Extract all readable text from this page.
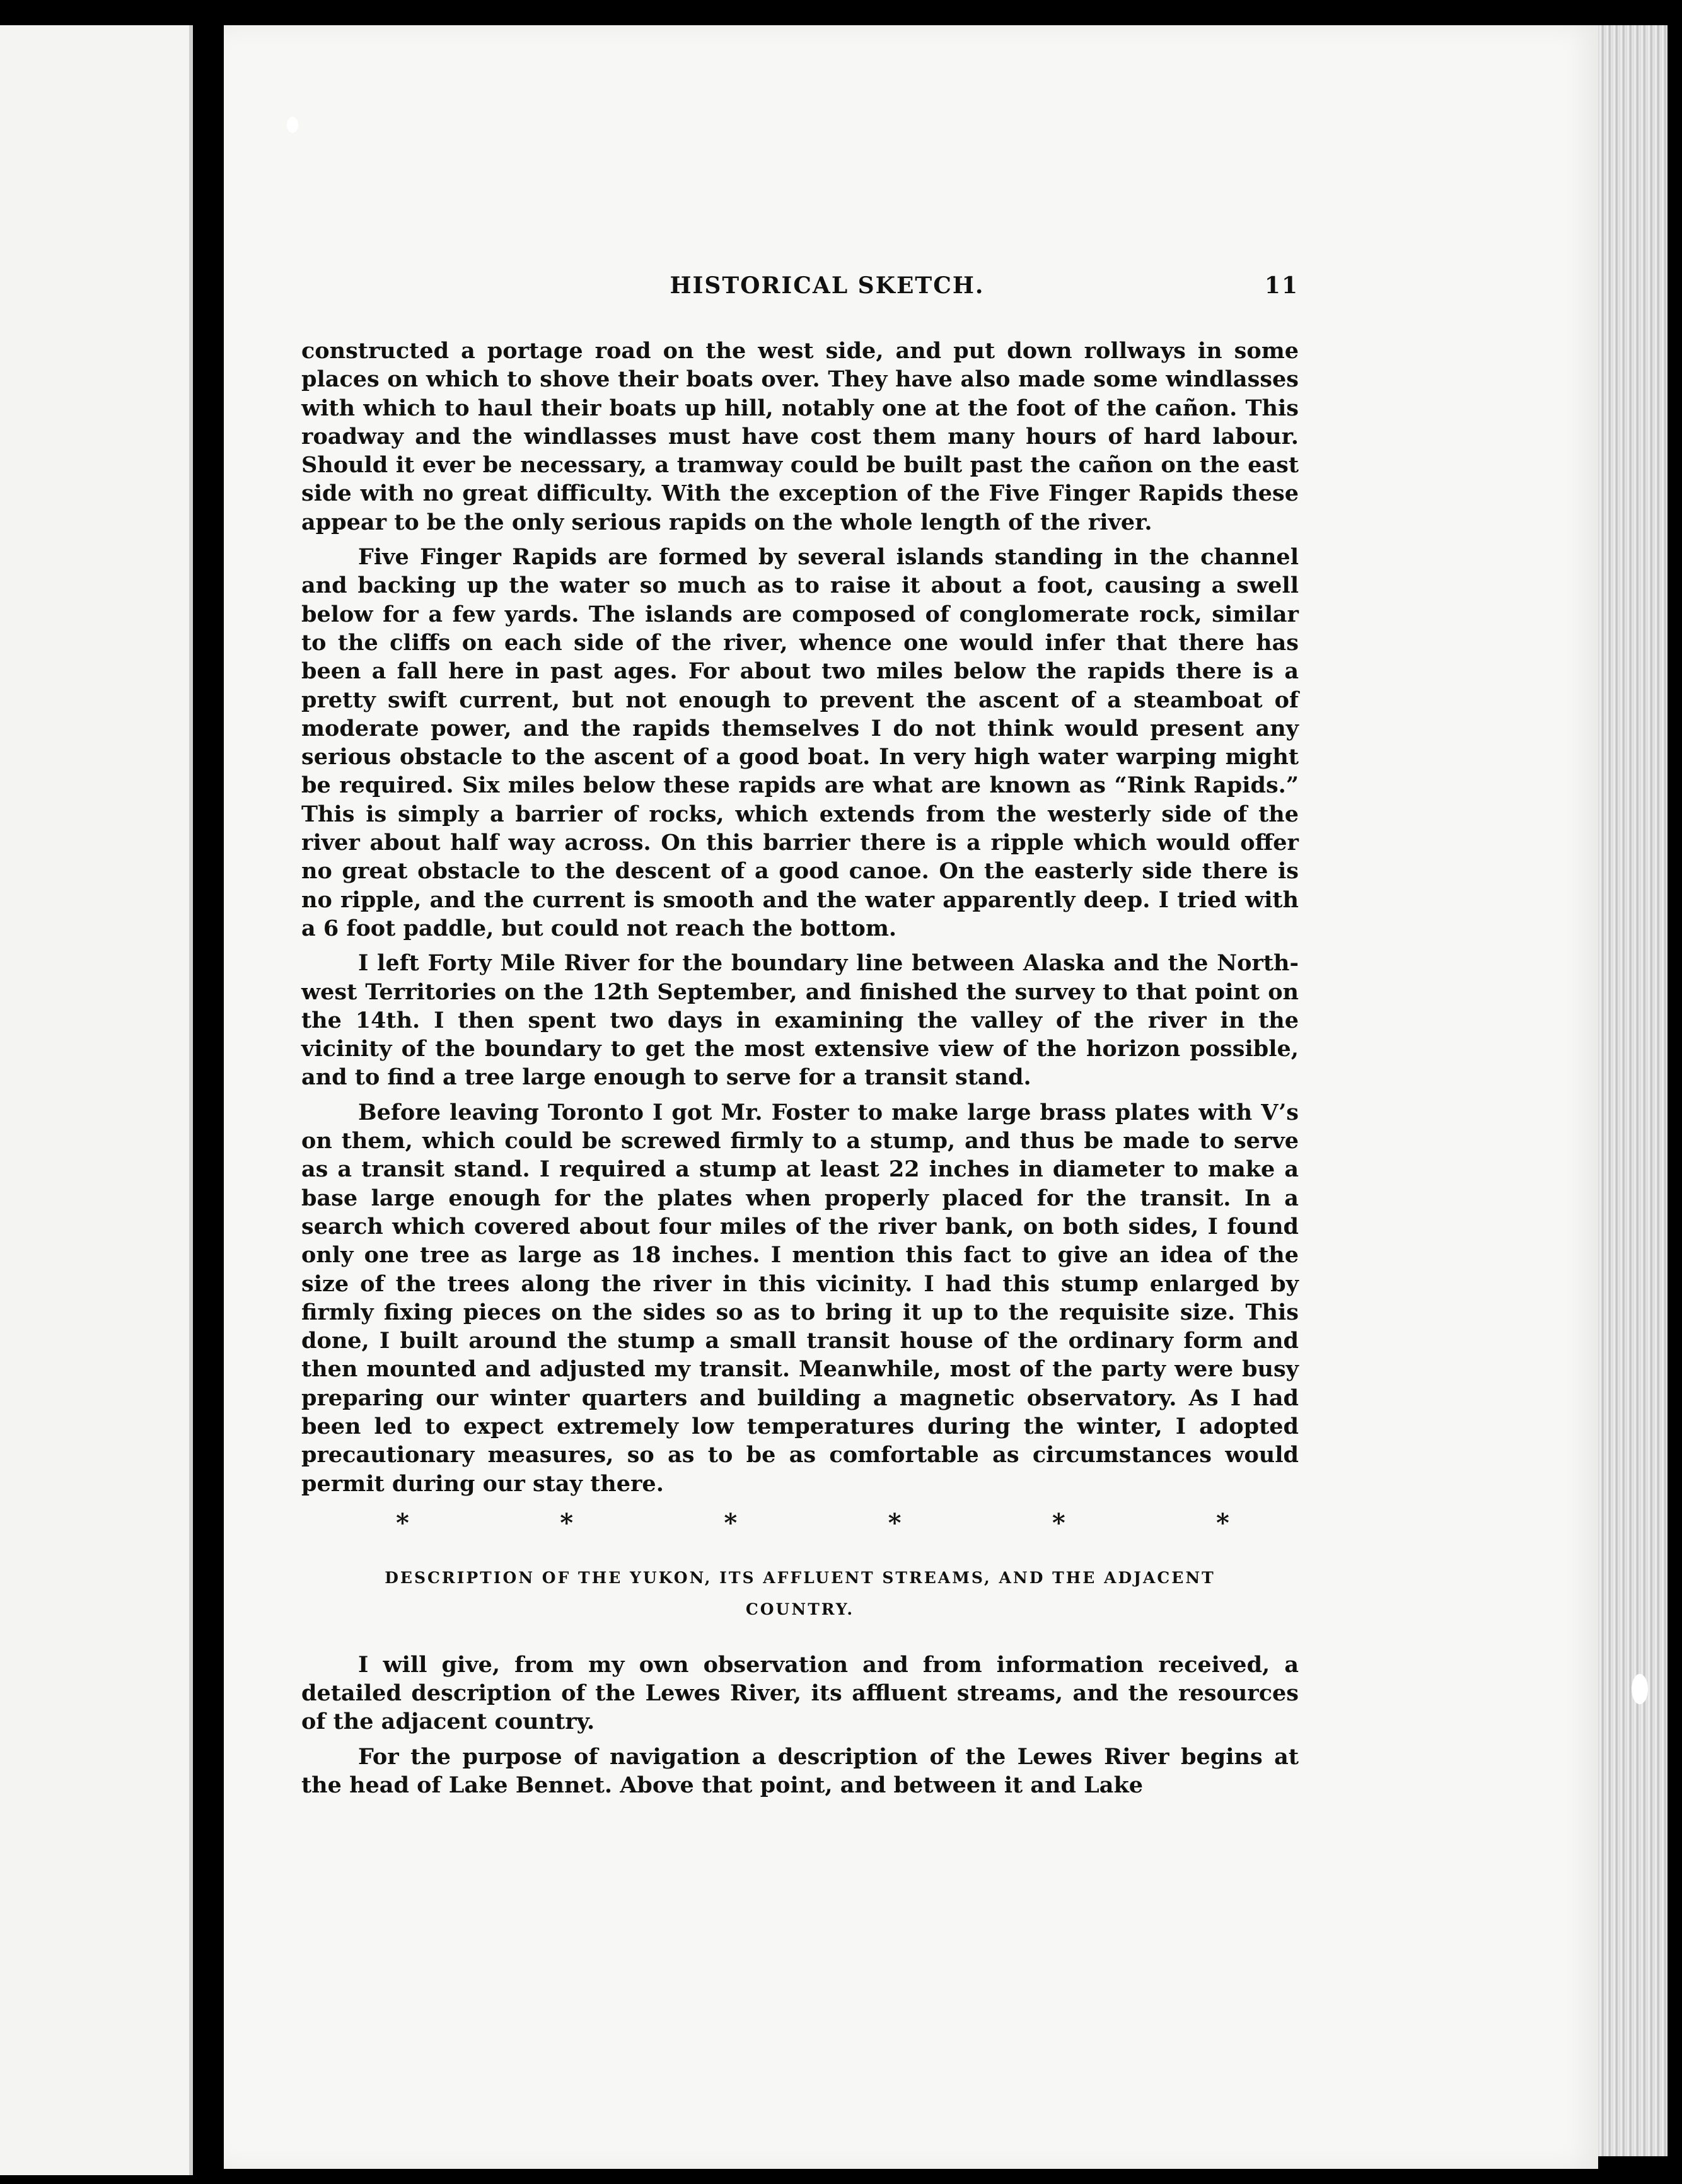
HISTORICAL SKETCH.	11

constructed a portage road on the west side, and put down rollways in some places on which to shove their boats over. They have also made some windlasses with which to haul their boats up hill, notably one at the foot of the cañon. This roadway and the windlasses must have cost them many hours of hard labour. Should it ever be necessary, a tramway could be built past the cañon on the east side with no great difficulty. With the exception of the Five Finger Rapids these appear to be the only serious rapids on the whole length of the river.

Five Finger Rapids are formed by several islands standing in the channel and backing up the water so much as to raise it about a foot, causing a swell below for a few yards. The islands are composed of conglomerate rock, similar to the cliffs on each side of the river, whence one would infer that there has been a fall here in past ages. For about two miles below the rapids there is a pretty swift current, but not enough to prevent the ascent of a steamboat of moderate power, and the rapids themselves I do not think would present any serious obstacle to the ascent of a good boat. In very high water warping might be required. Six miles below these rapids are what are known as “Rink Rapids.” This is simply a barrier of rocks, which extends from the westerly side of the river about half way across. On this barrier there is a ripple which would offer no great obstacle to the descent of a good canoe. On the easterly side there is no ripple, and the current is smooth and the water apparently deep. I tried with a 6 foot paddle, but could not reach the bottom.

I left Forty Mile River for the boundary line between Alaska and the North-west Territories on the 12th September, and finished the survey to that point on the 14th. I then spent two days in examining the valley of the river in the vicinity of the boundary to get the most extensive view of the horizon possible, and to find a tree large enough to serve for a transit stand.

Before leaving Toronto I got Mr. Foster to make large brass plates with V’s on them, which could be screwed firmly to a stump, and thus be made to serve as a transit stand. I required a stump at least 22 inches in diameter to make a base large enough for the plates when properly placed for the transit. In a search which covered about four miles of the river bank, on both sides, I found only one tree as large as 18 inches. I mention this fact to give an idea of the size of the trees along the river in this vicinity. I had this stump enlarged by firmly fixing pieces on the sides so as to bring it up to the requisite size. This done, I built around the stump a small transit house of the ordinary form and then mounted and adjusted my transit. Meanwhile, most of the party were busy preparing our winter quarters and building a magnetic observatory. As I had been led to expect extremely low temperatures during the winter, I adopted precautionary measures, so as to be as comfortable as circumstances would permit during our stay there.

*	*	*	*	*	*
DESCRIPTION OF THE YUKON, ITS AFFLUENT STREAMS, AND THE ADJACENT
COUNTRY.

I will give, from my own observation and from information received, a detailed description of the Lewes River, its affluent streams, and the resources of the adjacent country.

For the purpose of navigation a description of the Lewes River begins at the head of Lake Bennet. Above that point, and between it and Lake
